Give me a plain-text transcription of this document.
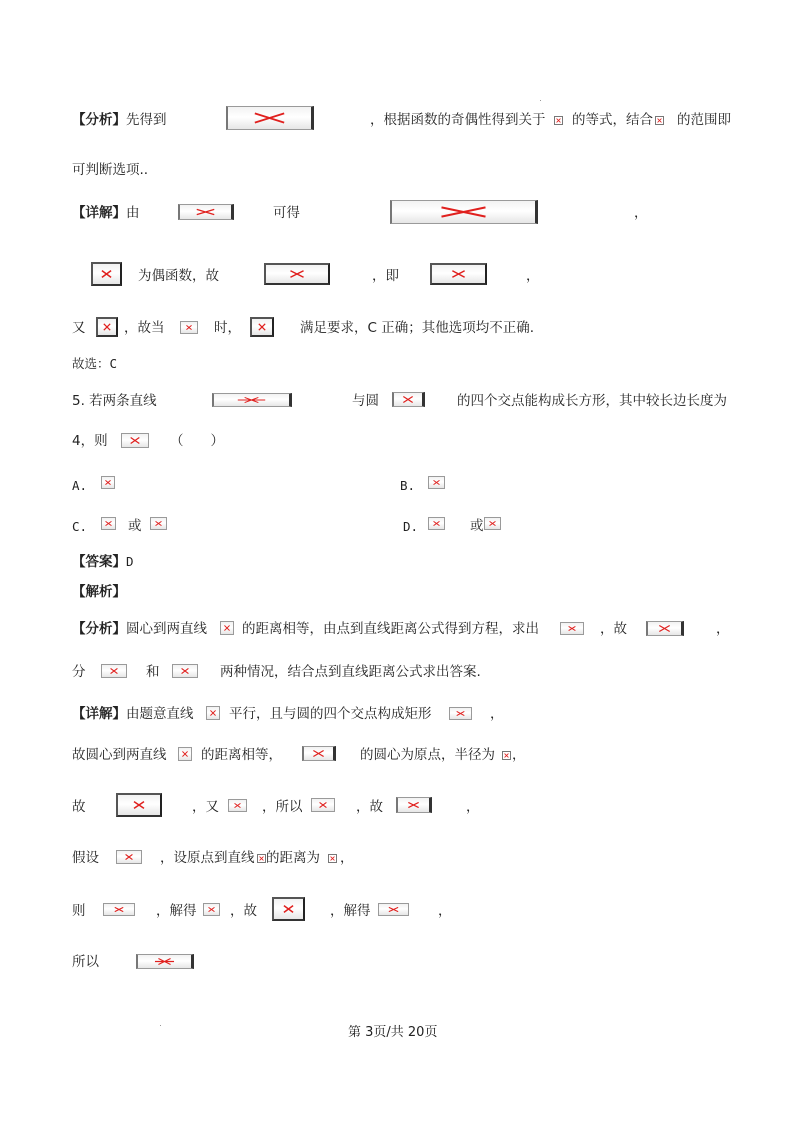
【分析】先得到	，根据函数的奇偶性得到关于 的等式，结合 的范围即
可判断选项..
【详解】由	可得	，
为偶函数，故	，即	，
又	，故当	时，	满足要求，C 正确；其他选项均不正确.
故选：C
5. 若两条直线	与圆	的四个交点能构成长方形，其中较长边长度为
4，则	（　　）
A.	B.
C.	或	D.	或
【答案】D
【解析】
【分析】圆心到两直线	的距离相等，由点到直线距离公式得到方程，求出	，故	，
分	和	两种情况，结合点到直线距离公式求出答案.
【详解】由题意直线	平行，且与圆的四个交点构成矩形	，
故圆心到两直线	的距离相等，	的圆心为原点，半径为 ，
故	，又	，所以	，故	，
假设	，设原点到直线 的距离为 ，
则	，解得 ，故	，解得	，
所以
第 3页/共 20页
